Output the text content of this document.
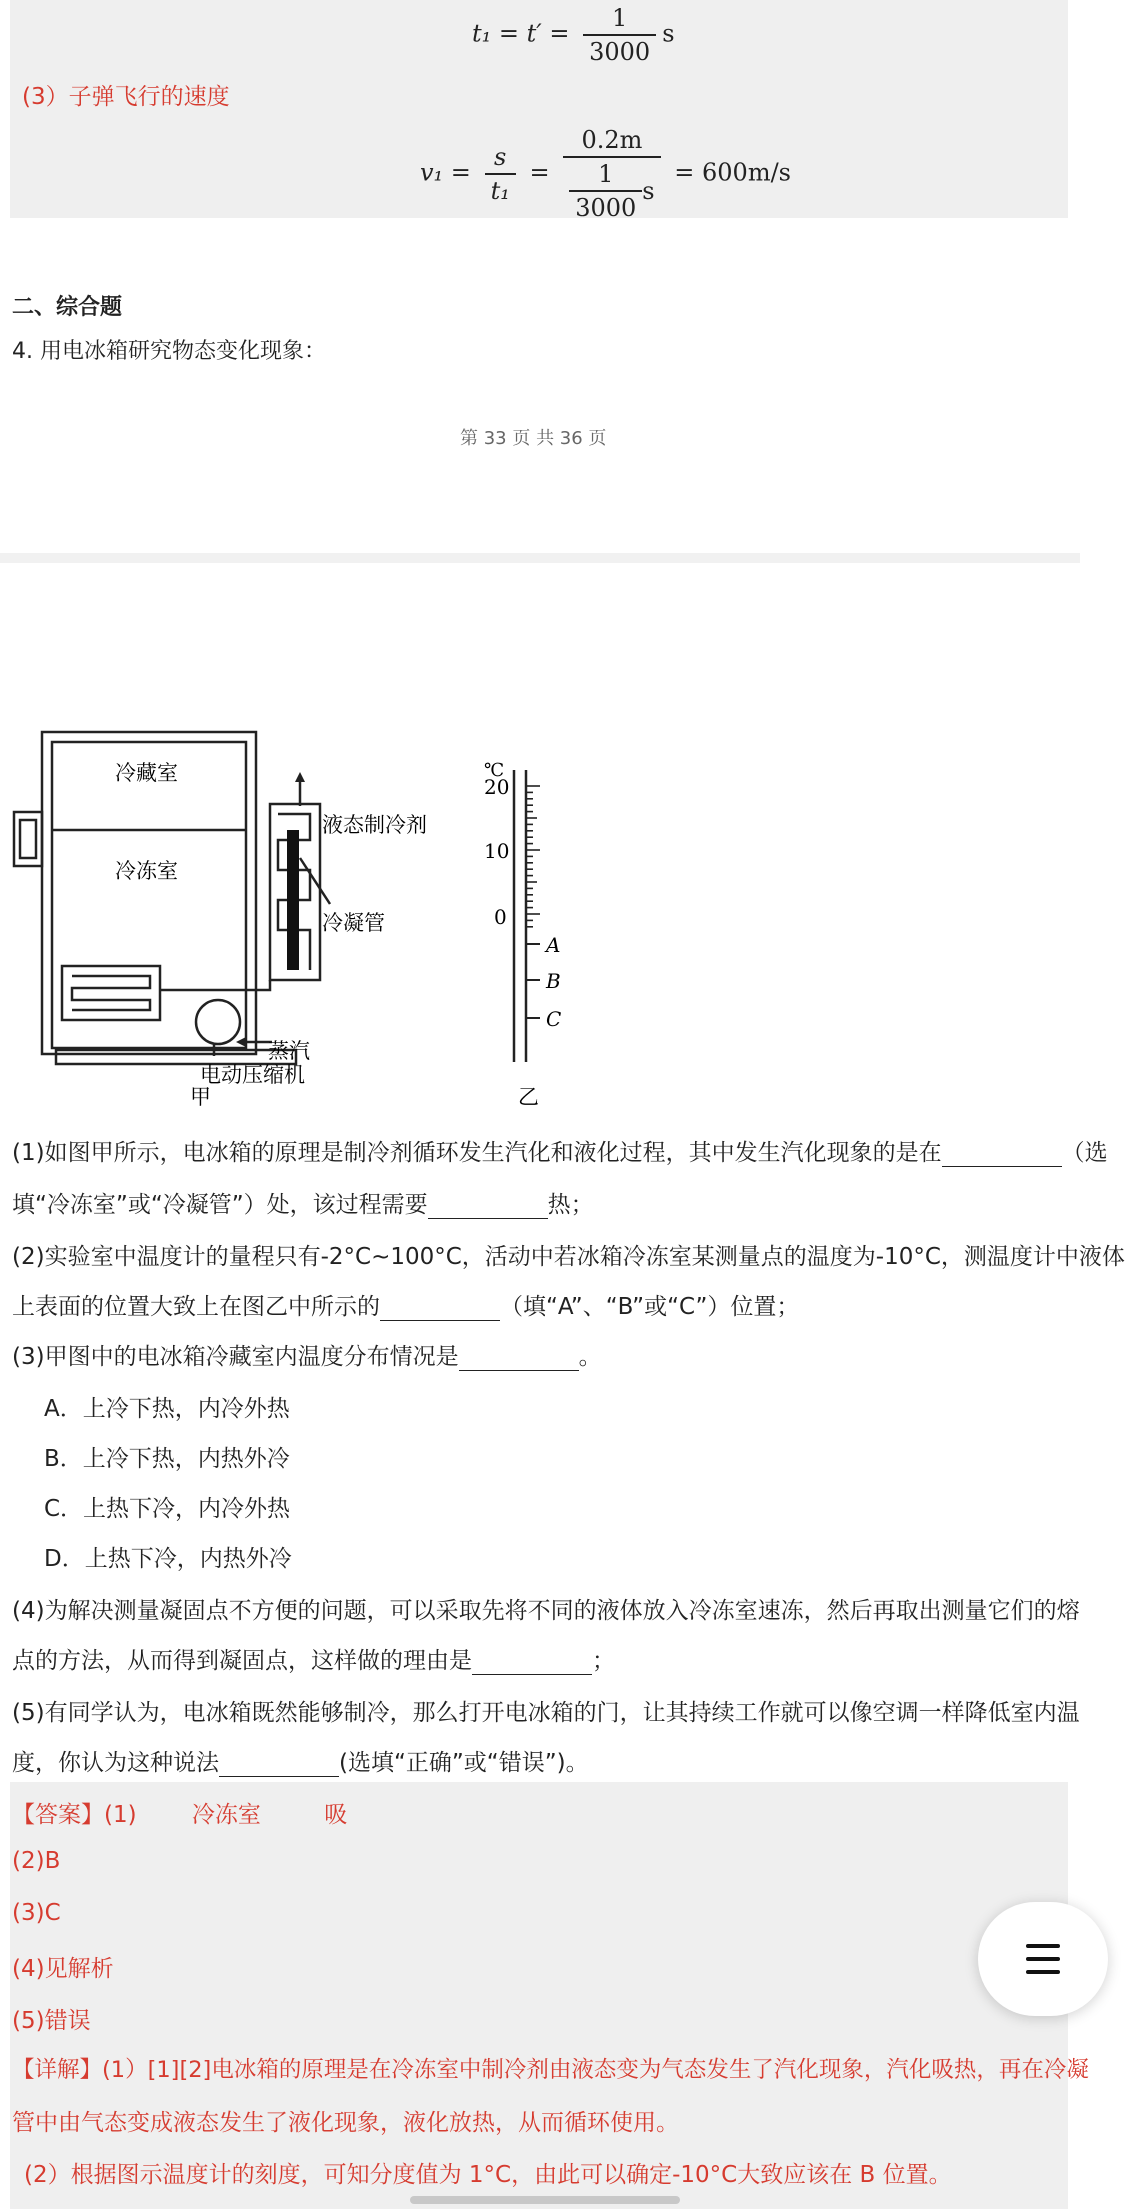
$t_1 = t' = \frac{1}{3000}$ s
(3）子弹飞行的速度
$v_1 = \frac{s}{\text{t₁}} = \frac{0.2m}{\frac{1}{3000} s} = 600m/s$
二、综合题
4. 用电冰箱研究物态变化现象：
第 33 页 共 36 页
冷藏室
冷冻室
液态制冷剂
冷凝管
蒸汽
电动压缩机
甲
℃
20
10
0
A
B
C
乙
(1)如图甲所示，电冰箱的原理是制冷剂循环发生汽化和液化过程，其中发生汽化现象的是在	（选
填“冷冻室”或“冷凝管”）处，该过程需要	热；
(2)实验室中温度计的量程只有-2°C~100°C，活动中若冰箱冷冻室某测量点的温度为-10°C，测温度计中液体
上表面的位置大致上在图乙中所示的	（填“A”、“B”或“C”）位置；
(3)甲图中的电冰箱冷藏室内温度分布情况是	。
A．上冷下热，内冷外热
B．上冷下热，内热外冷
C．上热下冷，内冷外热
D．上热下冷，内热外冷
(4)为解决测量凝固点不方便的问题，可以采取先将不同的液体放入冷冻室速冻，然后再取出测量它们的熔
点的方法，从而得到凝固点，这样做的理由是	；
(5)有同学认为，电冰箱既然能够制冷，那么打开电冰箱的门，让其持续工作就可以像空调一样降低室内温
度，你认为这种说法	(选填“正确”或“错误”)。
【答案】(1) 冷冻室	吸
(2)B
(3)C
(4)见解析
(5)错误
【详解】(1）[1][2]电冰箱的原理是在冷冻室中制冷剂由液态变为气态发生了汽化现象，汽化吸热，再在冷凝
管中由气态变成液态发生了液化现象，液化放热，从而循环使用。
(2）根据图示温度计的刻度，可知分度值为 1°C，由此可以确定-10°C大致应该在 B 位置。
